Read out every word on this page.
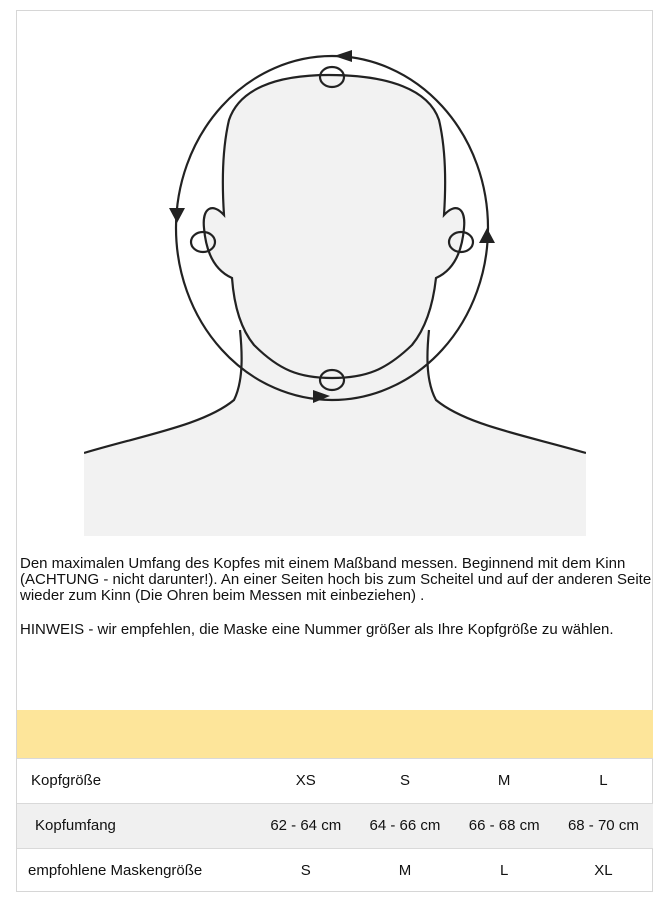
Den maximalen Umfang des Kopfes mit einem Maßband messen. Beginnend mit dem Kinn (ACHTUNG - nicht darunter!). An einer Seiten hoch bis zum Scheitel und auf der anderen Seite wieder zum Kinn (Die Ohren beim Messen mit einbeziehen) .

HINWEIS - wir empfehlen, die Maske eine Nummer größer als Ihre Kopfgröße zu wählen.

Kopfgröße	XS	S	M	L
Kopfumfang	62 - 64 cm	64 - 66 cm	66 - 68 cm	68 - 70 cm
empfohlene Maskengröße	S	M	L	XL
